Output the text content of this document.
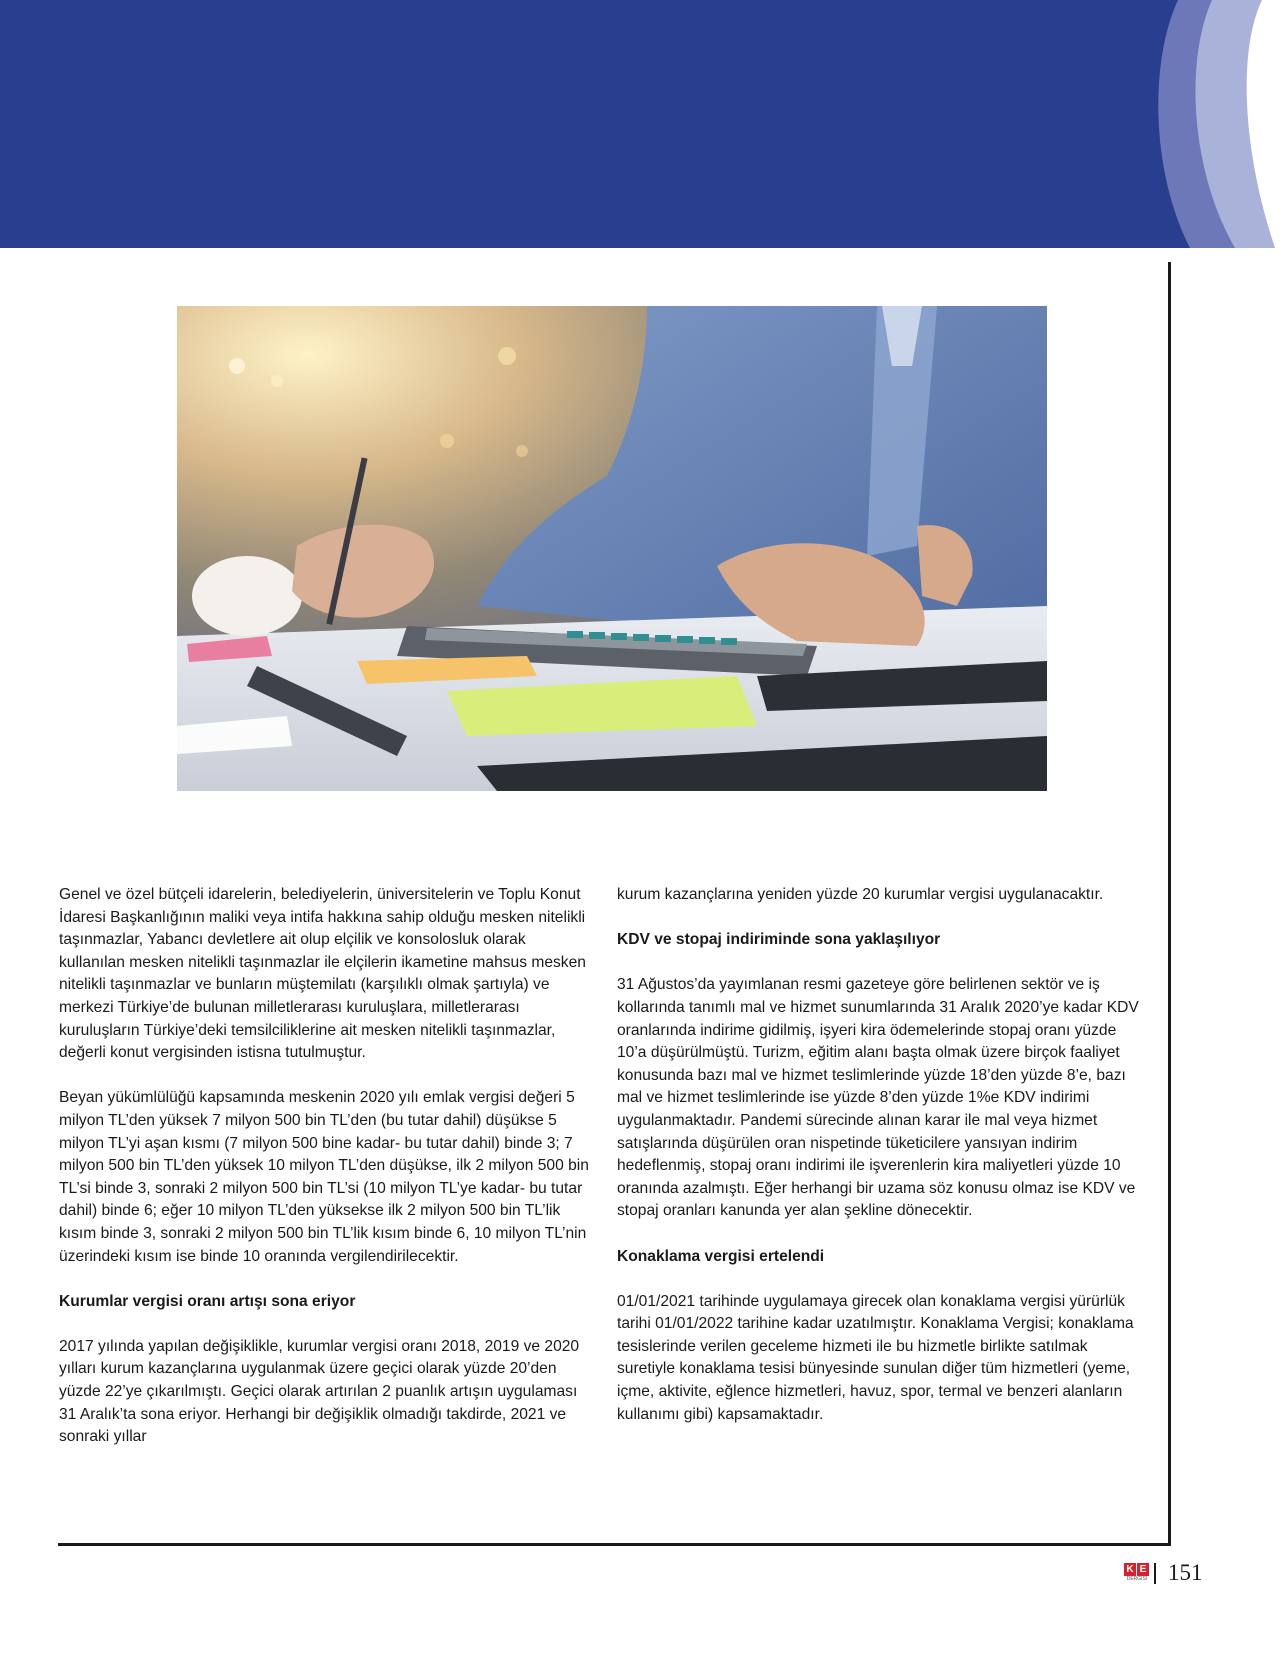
Genel ve özel bütçeli idarelerin, belediyelerin, üniversitelerin ve Toplu Konut İdaresi Başkanlığının maliki veya intifa hakkına sahip olduğu mesken nitelikli taşınmazlar, Yabancı devletlere ait olup elçilik ve konsolosluk olarak kullanılan mesken nitelikli taşınmazlar ile elçilerin ikametine mahsus mesken nitelikli taşınmazlar ve bunların müştemilatı (karşılıklı olmak şartıyla) ve merkezi Türkiye’de bulunan milletlerarası kuruluşlara, milletlerarası kuruluşların Türkiye’deki temsilciliklerine ait mesken nitelikli taşınmazlar, değerli konut vergisinden istisna tutulmuştur.

Beyan yükümlülüğü kapsamında meskenin 2020 yılı emlak vergisi değeri 5 milyon TL’den yüksek 7 milyon 500 bin TL’den (bu tutar dahil) düşükse 5 milyon TL’yi aşan kısmı (7 milyon 500 bine kadar- bu tutar dahil) binde 3; 7 milyon 500 bin TL’den yüksek 10 milyon TL’den düşükse, ilk 2 milyon 500 bin TL’si binde 3, sonraki 2 milyon 500 bin TL’si (10 milyon TL’ye kadar- bu tutar dahil) binde 6; eğer 10 milyon TL’den yüksekse ilk 2 milyon 500 bin TL’lik kısım binde 3, sonraki 2 milyon 500 bin TL’lik kısım binde 6, 10 milyon TL’nin üzerindeki kısım ise binde 10 oranında vergilendirilecektir.

Kurumlar vergisi oranı artışı sona eriyor

2017 yılında yapılan değişiklikle, kurumlar vergisi oranı 2018, 2019 ve 2020 yılları kurum kazançlarına uygulanmak üzere geçici olarak yüzde 20’den yüzde 22’ye çıkarılmıştı. Geçici olarak artırılan 2 puanlık artışın uygulaması 31 Aralık’ta sona eriyor. Herhangi bir değişiklik olmadığı takdirde, 2021 ve sonraki yıllar

kurum kazançlarına yeniden yüzde 20 kurumlar vergisi uygulanacaktır.

KDV ve stopaj indiriminde sona yaklaşılıyor

31 Ağustos’da yayımlanan resmi gazeteye göre belirlenen sektör ve iş kollarında tanımlı mal ve hizmet sunumlarında 31 Aralık 2020’ye kadar KDV oranlarında indirime gidilmiş, işyeri kira ödemelerinde stopaj oranı yüzde 10’a düşürülmüştü. Turizm, eğitim alanı başta olmak üzere birçok faaliyet konusunda bazı mal ve hizmet teslimlerinde yüzde 18’den yüzde 8’e, bazı mal ve hizmet teslimlerinde ise yüzde 8’den yüzde 1%e KDV indirimi uygulanmaktadır. Pandemi sürecinde alınan karar ile mal veya hizmet satışlarında düşürülen oran nispetinde tüketicilere yansıyan indirim hedeflenmiş, stopaj oranı indirimi ile işverenlerin kira maliyetleri yüzde 10 oranında azalmıştı. Eğer herhangi bir uzama söz konusu olmaz ise KDV ve stopaj oranları kanunda yer alan şekline dönecektir.

Konaklama vergisi ertelendi

01/01/2021 tarihinde uygulamaya girecek olan konaklama vergisi yürürlük tarihi 01/01/2022 tarihine kadar uzatılmıştır. Konaklama Vergisi; konaklama tesislerinde verilen geceleme hizmeti ile bu hizmetle birlikte satılmak suretiyle konaklama tesisi bünyesinde sunulan diğer tüm hizmetleri (yeme, içme, aktivite, eğlence hizmetleri, havuz, spor, termal ve benzeri alanların kullanımı gibi) kapsamaktadır.

K E
DERGİSİ 151
